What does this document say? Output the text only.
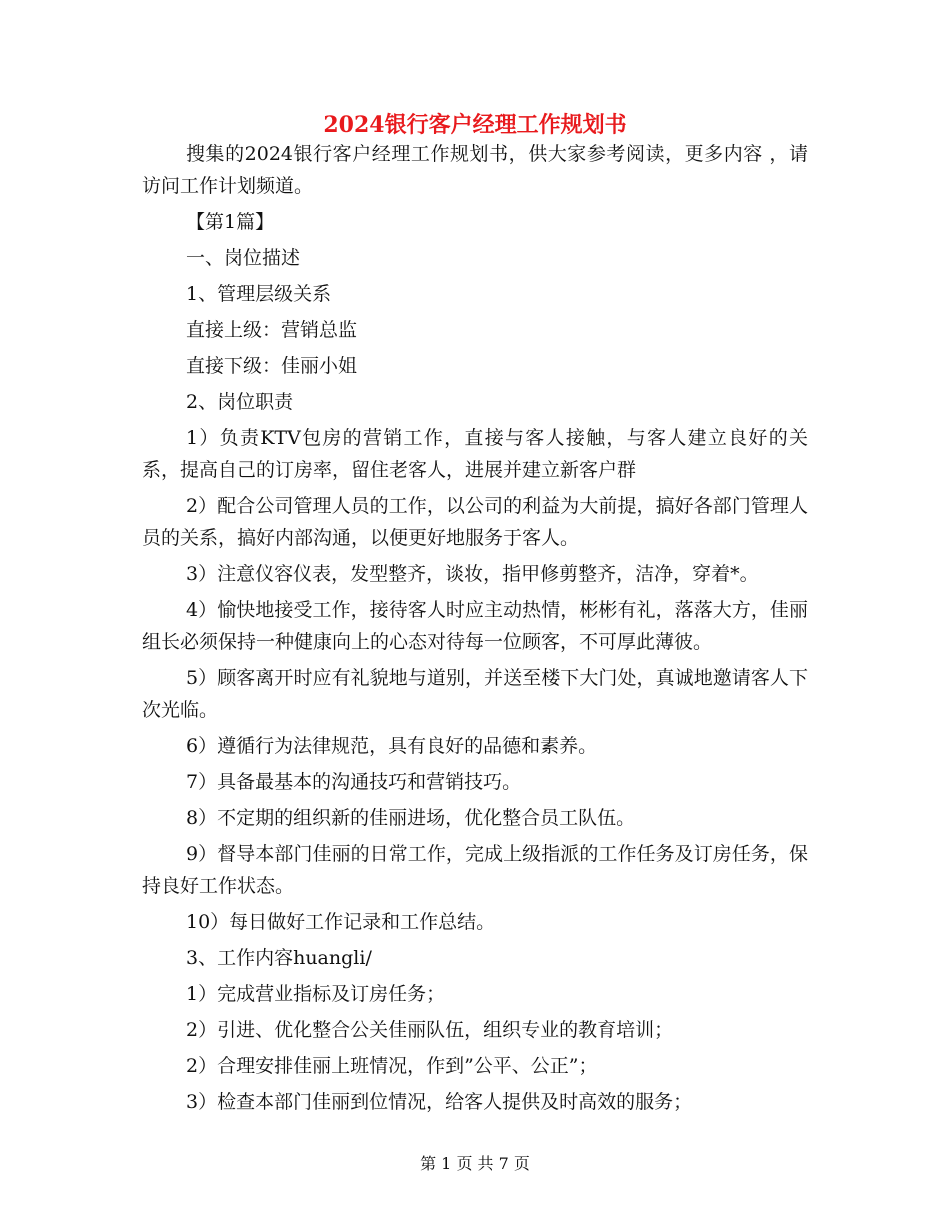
2024银行客户经理工作规划书

搜集的2024银行客户经理工作规划书，供大家参考阅读，更多内容 ，请访问工作计划频道。

【第1篇】

一、岗位描述

1、管理层级关系

直接上级：营销总监

直接下级：佳丽小姐

2、岗位职责

1）负责KTV包房的营销工作，直接与客人接触，与客人建立良好的关系，提高自己的订房率，留住老客人，进展并建立新客户群

2）配合公司管理人员的工作，以公司的利益为大前提，搞好各部门管理人员的关系，搞好内部沟通，以便更好地服务于客人。

3）注意仪容仪表，发型整齐，谈妆，指甲修剪整齐，洁净，穿着*。

4）愉快地接受工作，接待客人时应主动热情，彬彬有礼，落落大方，佳丽组长必须保持一种健康向上的心态对待每一位顾客，不可厚此薄彼。

5）顾客离开时应有礼貌地与道别，并送至楼下大门处，真诚地邀请客人下次光临。

6）遵循行为法律规范，具有良好的品德和素养。

7）具备最基本的沟通技巧和营销技巧。

8）不定期的组织新的佳丽进场，优化整合员工队伍。

9）督导本部门佳丽的日常工作，完成上级指派的工作任务及订房任务，保持良好工作状态。

10）每日做好工作记录和工作总结。

3、工作内容huangli/

1）完成营业指标及订房任务；

2）引进、优化整合公关佳丽队伍，组织专业的教育培训；

2）合理安排佳丽上班情况，作到”公平、公正”；

3）检查本部门佳丽到位情况，给客人提供及时高效的服务；

第 1 页 共 7 页
